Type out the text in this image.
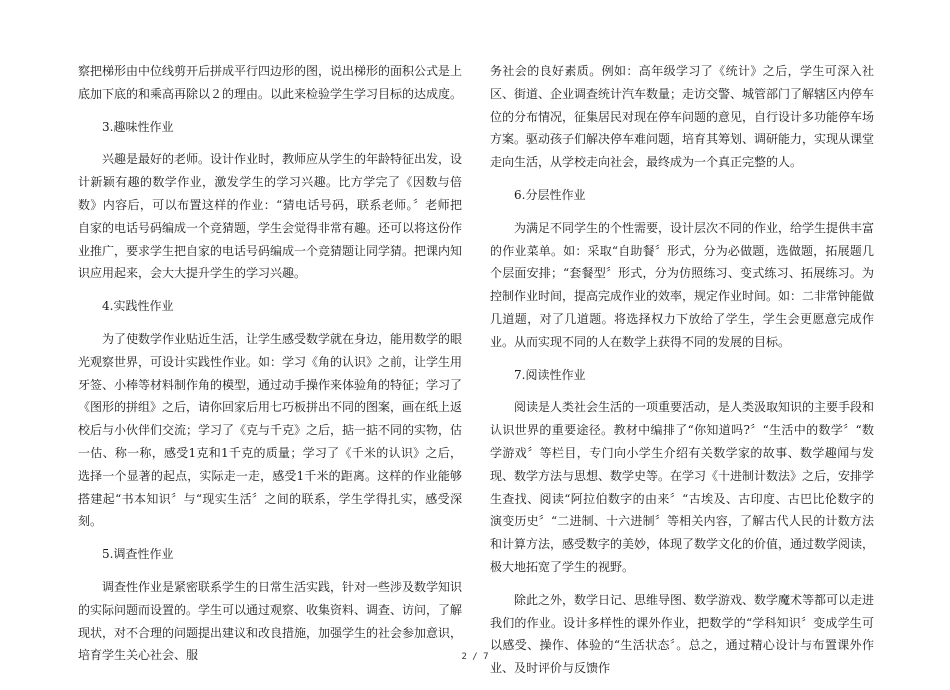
察把梯形由中位线剪开后拼成平行四边形的图，说出梯形的面积公式是上底加下底的和乘高再除以２的理由。以此来检验学生学习目标的达成度。

3.趣味性作业

兴趣是最好的老师。设计作业时，教师应从学生的年龄特征出发，设计新颖有趣的数学作业，激发学生的学习兴趣。比方学完了《因数与倍数》内容后，可以布置这样的作业：“猜电话号码，联系老师。〞老师把自家的电话号码编成一个竞猜题，学生会觉得非常有趣。还可以将这份作业推广，要求学生把自家的电话号码编成一个竞猜题让同学猜。把课内知识应用起来，会大大提升学生的学习兴趣。

4.实践性作业

为了使数学作业贴近生活，让学生感受数学就在身边，能用数学的眼光观察世界，可设计实践性作业。如：学习《角的认识》之前，让学生用牙签、小棒等材料制作角的模型，通过动手操作来体验角的特征；学习了《图形的拼组》之后，请你回家后用七巧板拼出不同的图案，画在纸上返校后与小伙伴们交流；学习了《克与千克》之后，掂一掂不同的实物，估一估、称一称，感受1克和1千克的质量；学习了《千米的认识》之后，选择一个显著的起点，实际走一走，感受1千米的距离。这样的作业能够搭建起“书本知识〞与“现实生活〞之间的联系，学生学得扎实，感受深刻。

5.调查性作业

调查性作业是紧密联系学生的日常生活实践，针对一些涉及数学知识的实际问题而设置的。学生可以通过观察、收集资料、调查、访问，了解现状，对不合理的问题提出建议和改良措施，加强学生的社会参加意识，培育学生关心社会、服

务社会的良好素质。例如：高年级学习了《统计》之后，学生可深入社区、街道、企业调查统计汽车数量；走访交警、城管部门了解辖区内停车位的分布情况，征集居民对现在停车问题的意见，自行设计多功能停车场方案。驱动孩子们解决停车难问题，培育其筹划、调研能力，实现从课堂走向生活，从学校走向社会，最终成为一个真正完整的人。

6.分层性作业

为满足不同学生的个性需要，设计层次不同的作业，给学生提供丰富的作业菜单。如：采取“自助餐〞形式，分为必做题，选做题，拓展题几个层面安排；“套餐型〞形式，分为仿照练习、变式练习、拓展练习。为控制作业时间，提高完成作业的效率，规定作业时间。如：二非常钟能做几道题，对了几道题。将选择权力下放给了学生，学生会更愿意完成作业。从而实现不同的人在数学上获得不同的发展的目标。

7.阅读性作业

阅读是人类社会生活的一项重要活动，是人类汲取知识的主要手段和认识世界的重要途径。教材中编排了“你知道吗?〞“生活中的数学〞“数学游戏〞等栏目，专门向小学生介绍有关数学家的故事、数学趣闻与发现、数学方法与思想、数学史等。在学习《十进制计数法》之后，安排学生查找、阅读“阿拉伯数字的由来〞“古埃及、古印度、古巴比伦数字的演变历史〞“二进制、十六进制〞等相关内容，了解古代人民的计数方法和计算方法，感受数字的美妙，体现了数学文化的价值，通过数学阅读，极大地拓宽了学生的视野。

除此之外，数学日记、思维导图、数学游戏、数学魔术等都可以走进我们的作业。设计多样性的课外作业，把数学的“学科知识〞变成学生可以感受、操作、体验的“生活状态〞。总之，通过精心设计与布置课外作业、及时评价与反馈作

2 / 7
